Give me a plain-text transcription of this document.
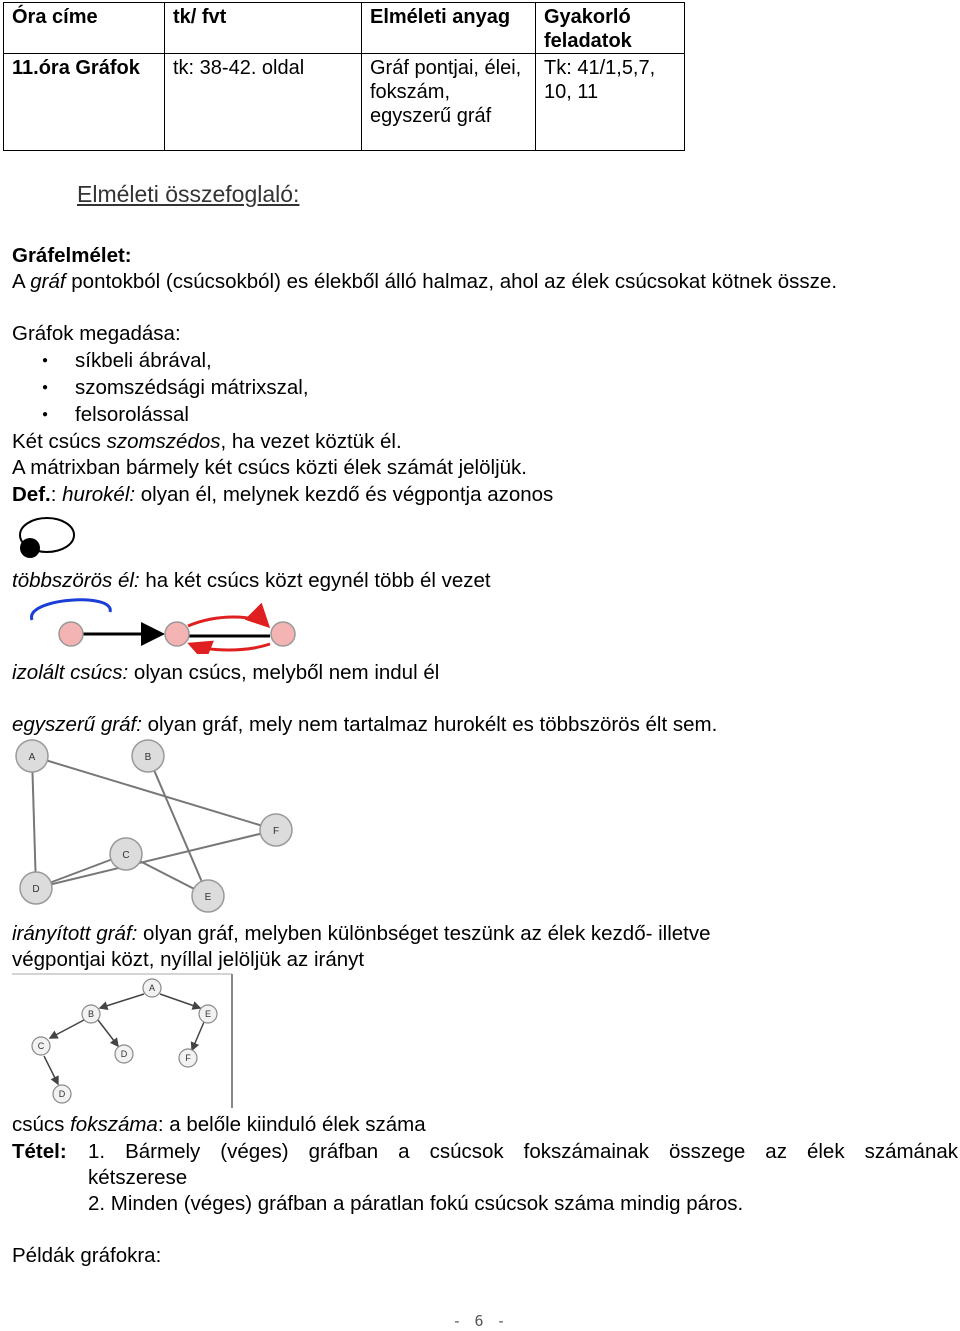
Óra címe	tk/ fvt	Elméleti anyag	Gyakorló feladatok
11.óra Gráfok	tk: 38-42. oldal	Gráf pontjai, élei, fokszám, egyszerű gráf	Tk: 41/1,5,7, 10, 11
Elméleti összefoglaló:
Gráfelmélet:
A gráf pontokból (csúcsokból) es élekből álló halmaz, ahol az élek csúcsokat kötnek össze.
Gráfok megadása:
● síkbeli ábrával,
● szomszédsági mátrixszal,
● felsorolással
Két csúcs szomszédos, ha vezet köztük él.
A mátrixban bármely két csúcs közti élek számát jelöljük.
Def.: hurokél: olyan él, melynek kezdő és végpontja azonos
többszörös él: ha két csúcs közt egynél több él vezet
izolált csúcs: olyan csúcs, melyből nem indul él
egyszerű gráf: olyan gráf, mely nem tartalmaz hurokélt es többszörös élt sem.
A	B
F
C
D
E
irányított gráf: olyan gráf, melyben különbséget teszünk az élek kezdő- illetve
végpontjai közt, nyíllal jelöljük az irányt
A
B	E
C
D	F
D
csúcs fokszáma: a belőle kiinduló élek száma
Tétel: 1. Bármely (véges) gráfban a csúcsok fokszámainak összege az élek számának
kétszerese
2. Minden (véges) gráfban a páratlan fokú csúcsok száma mindig páros.
Példák gráfokra:
- 6 -
